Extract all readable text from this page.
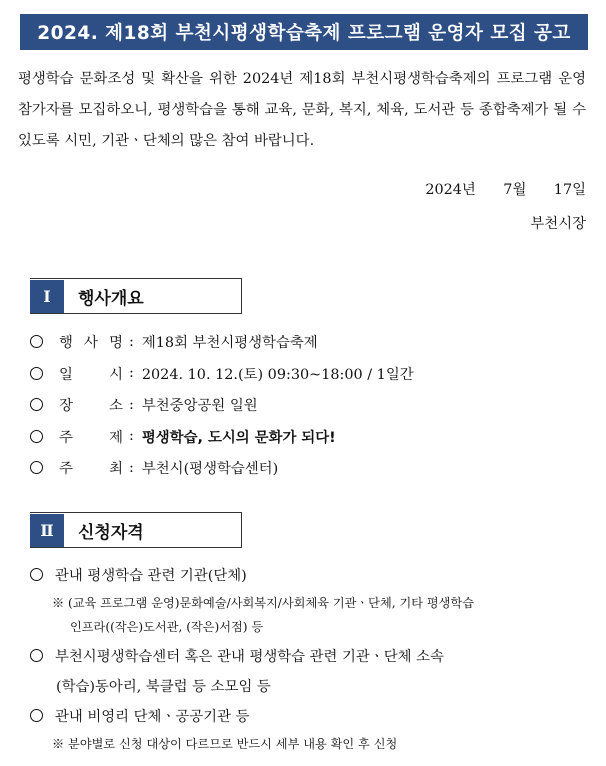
2024. 제18회 부천시평생학습축제 프로그램 운영자 모집 공고

평생학습 문화조성 및 확산을 위한 2024년 제18회 부천시평생학습축제의 프로그램 운영 참가자를 모집하오니, 평생학습을 통해 교육, 문화, 복지, 체육, 도서관 등 종합축제가 될 수 있도록 시민, 기관ㆍ단체의 많은 참여 바랍니다.

2024년      7월      17일
부천시장
Ⅰ	행사개요
행 사 명 : 제18회 부천시평생학습축제
일	시 : 2024. 10. 12.(토) 09:30~18:00 / 1일간
장	소 : 부천중앙공원 일원
주	제 : 평생학습, 도시의 문화가 되다!
주	최 : 부천시(평생학습센터)
Ⅱ	신청자격
관내 평생학습 관련 기관(단체)
※ (교육 프로그램 운영)문화예술/사회복지/사회체육 기관ㆍ단체, 기타 평생학습
인프라((작은)도서관, (작은)서점) 등
부천시평생학습센터 혹은 관내 평생학습 관련 기관ㆍ단체 소속
(학습)동아리, 북클럽 등 소모임 등
관내 비영리 단체ㆍ공공기관 등
※ 분야별로 신청 대상이 다르므로 반드시 세부 내용 확인 후 신청
